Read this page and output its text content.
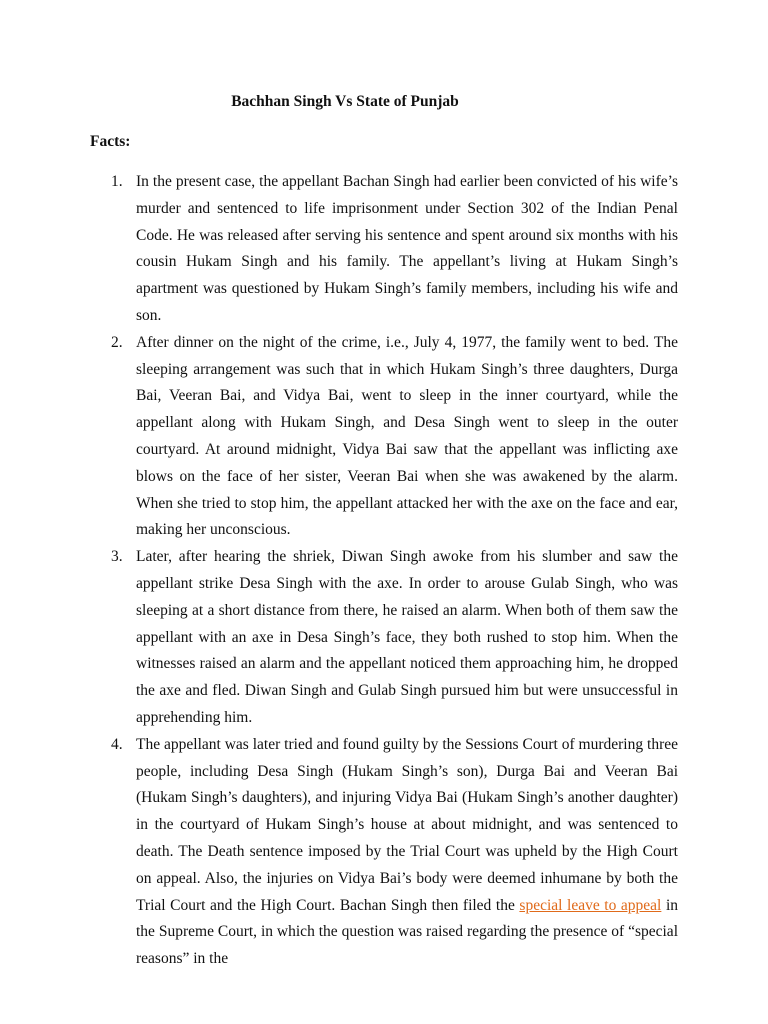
Bachhan Singh Vs State of Punjab

Facts:

1. In the present case, the appellant Bachan Singh had earlier been convicted of his wife’s murder and sentenced to life imprisonment under Section 302 of the Indian Penal Code. He was released after serving his sentence and spent around six months with his cousin Hukam Singh and his family. The appellant’s living at Hukam Singh’s apartment was questioned by Hukam Singh’s family members, including his wife and son.
2. After dinner on the night of the crime, i.e., July 4, 1977, the family went to bed. The sleeping arrangement was such that in which Hukam Singh’s three daughters, Durga Bai, Veeran Bai, and Vidya Bai, went to sleep in the inner courtyard, while the appellant along with Hukam Singh, and Desa Singh went to sleep in the outer courtyard. At around midnight, Vidya Bai saw that the appellant was inflicting axe blows on the face of her sister, Veeran Bai when she was awakened by the alarm. When she tried to stop him, the appellant attacked her with the axe on the face and ear, making her unconscious.
3. Later, after hearing the shriek, Diwan Singh awoke from his slumber and saw the appellant strike Desa Singh with the axe. In order to arouse Gulab Singh, who was sleeping at a short distance from there, he raised an alarm. When both of them saw the appellant with an axe in Desa Singh’s face, they both rushed to stop him. When the witnesses raised an alarm and the appellant noticed them approaching him, he dropped the axe and fled. Diwan Singh and Gulab Singh pursued him but were unsuccessful in apprehending him.
4. The appellant was later tried and found guilty by the Sessions Court of murdering three people, including Desa Singh (Hukam Singh’s son), Durga Bai and Veeran Bai (Hukam Singh’s daughters), and injuring Vidya Bai (Hukam Singh’s another daughter) in the courtyard of Hukam Singh’s house at about midnight, and was sentenced to death. The Death sentence imposed by the Trial Court was upheld by the High Court on appeal. Also, the injuries on Vidya Bai’s body were deemed inhumane by both the Trial Court and the High Court. Bachan Singh then filed the special leave to appeal in the Supreme Court, in which the question was raised regarding the presence of “special reasons” in the
